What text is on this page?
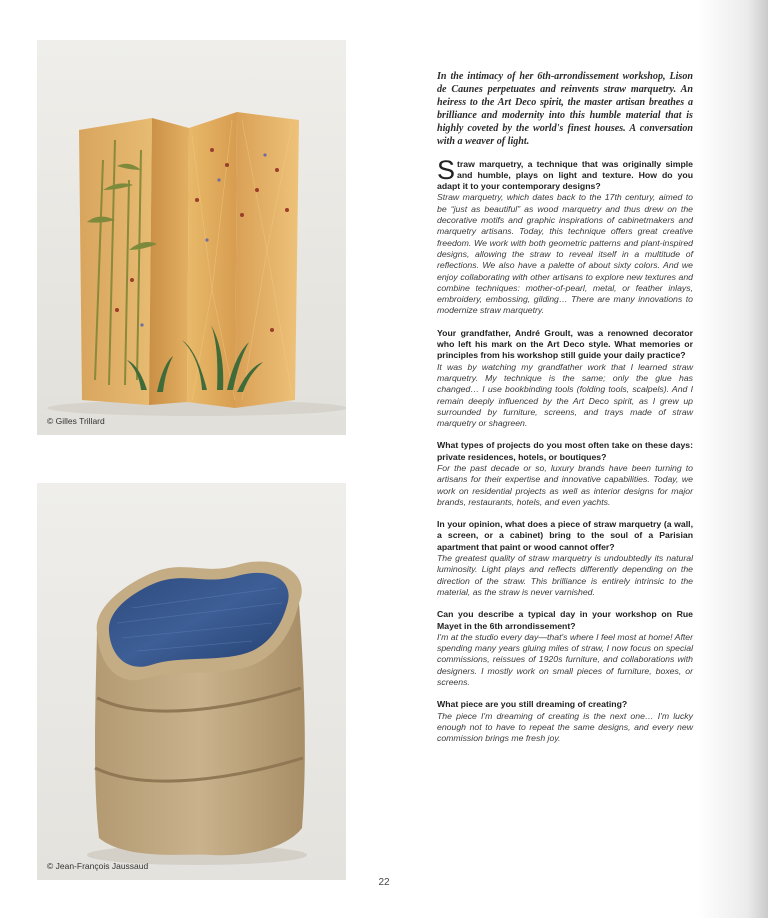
© Gilles Trillard
© Jean-François Jaussaud

In the intimacy of her 6th-arrondissement workshop, Lison de Caunes perpetuates and reinvents straw marquetry. An heiress to the Art Deco spirit, the master artisan breathes a brilliance and modernity into this humble material that is highly coveted by the world's finest houses. A conversation with a weaver of light.

Straw marquetry, a technique that was originally simple and humble, plays on light and texture. How do you adapt it to your contemporary designs?

Straw marquetry, which dates back to the 17th century, aimed to be “just as beautiful” as wood marquetry and thus drew on the decorative motifs and graphic inspirations of cabinetmakers and marquetry artisans. Today, this technique offers great creative freedom. We work with both geometric patterns and plant-inspired designs, allowing the straw to reveal itself in a multitude of reflections. We also have a palette of about sixty colors. And we enjoy collaborating with other artisans to explore new textures and combine techniques: mother-of-pearl, metal, or feather inlays, embroidery, embossing, gilding… There are many innovations to modernize straw marquetry.

Your grandfather, André Groult, was a renowned decorator who left his mark on the Art Deco style. What memories or principles from his workshop still guide your daily practice?

It was by watching my grandfather work that I learned straw marquetry. My technique is the same; only the glue has changed… I use bookbinding tools (folding tools, scalpels). And I remain deeply influenced by the Art Deco spirit, as I grew up surrounded by furniture, screens, and trays made of straw marquetry or shagreen.

What types of projects do you most often take on these days: private residences, hotels, or boutiques?

For the past decade or so, luxury brands have been turning to artisans for their expertise and innovative capabilities. Today, we work on residential projects as well as interior designs for major brands, restaurants, hotels, and even yachts.

In your opinion, what does a piece of straw marquetry (a wall, a screen, or a cabinet) bring to the soul of a Parisian apartment that paint or wood cannot offer?

The greatest quality of straw marquetry is undoubtedly its natural luminosity. Light plays and reflects differently depending on the direction of the straw. This brilliance is entirely intrinsic to the material, as the straw is never varnished.

Can you describe a typical day in your workshop on Rue Mayet in the 6th arrondissement?

I'm at the studio every day—that's where I feel most at home! After spending many years gluing miles of straw, I now focus on special commissions, reissues of 1920s furniture, and collaborations with designers. I mostly work on small pieces of furniture, boxes, or screens.

What piece are you still dreaming of creating?

The piece I'm dreaming of creating is the next one… I'm lucky enough not to have to repeat the same designs, and every new commission brings me fresh joy.

22
